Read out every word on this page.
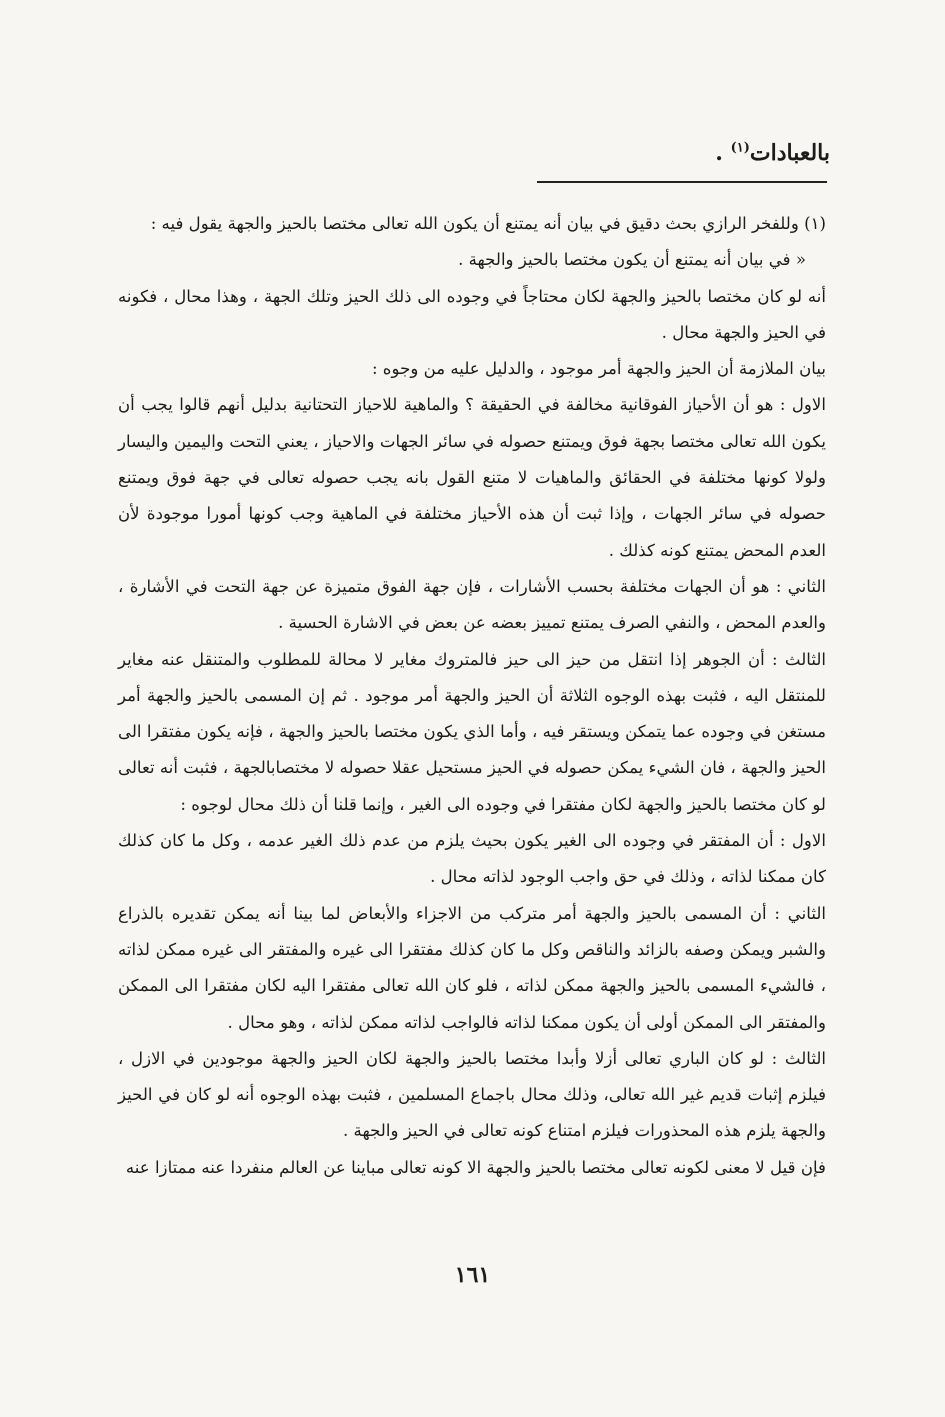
بالعبادات$^{(١)}$ .

(١) وللفخر الرازي بحث دقيق في بيان أنه يمتنع أن يكون الله تعالى مختصا بالحيز والجهة يقول فيه :

« في بيان أنه يمتنع أن يكون مختصا بالحيز والجهة .

أنه لو كان مختصا بالحيز والجهة لكان محتاجاً في وجوده الى ذلك الحيز وتلك الجهة ، وهذا محال ، فكونه في الحيز والجهة محال .

بيان الملازمة أن الحيز والجهة أمر موجود ، والدليل عليه من وجوه :

الاول : هو أن الأحياز الفوقانية مخالفة في الحقيقة ؟ والماهية للاحياز التحتانية بدليل أنهم قالوا يجب أن يكون الله تعالى مختصا بجهة فوق ويمتنع حصوله في سائر الجهات والاحياز ، يعني التحت واليمين واليسار ولولا كونها مختلفة في الحقائق والماهيات لا متنع القول بانه يجب حصوله تعالى في جهة فوق ويمتنع حصوله في سائر الجهات ، وإذا ثبت أن هذه الأحياز مختلفة في الماهية وجب كونها أمورا موجودة لأن العدم المحض يمتنع كونه كذلك .

الثاني : هو أن الجهات مختلفة بحسب الأشارات ، فإن جهة الفوق متميزة عن جهة التحت في الأشارة ، والعدم المحض ، والنفي الصرف يمتنع تمييز بعضه عن بعض في الاشارة الحسية .

الثالث : أن الجوهر إذا انتقل من حيز الى حيز فالمتروك مغاير لا محالة للمطلوب والمتنقل عنه مغاير للمنتقل اليه ، فثبت بهذه الوجوه الثلاثة أن الحيز والجهة أمر موجود . ثم إن المسمى بالحيز والجهة أمر مستغن في وجوده عما يتمكن ويستقر فيه ، وأما الذي يكون مختصا بالحيز والجهة ، فإنه يكون مفتقرا الى الحيز والجهة ، فان الشيء يمكن حصوله في الحيز مستحيل عقلا حصوله لا مختصابالجهة ، فثبت أنه تعالى لو كان مختصا بالحيز والجهة لكان مفتقرا في وجوده الى الغير ، وإنما قلنا أن ذلك محال لوجوه :

الاول : أن المفتقر في وجوده الى الغير يكون بحيث يلزم من عدم ذلك الغير عدمه ، وكل ما كان كذلك كان ممكنا لذاته ، وذلك في حق واجب الوجود لذاته محال .

الثاني : أن المسمى بالحيز والجهة أمر متركب من الاجزاء والأبعاض لما بينا أنه يمكن تقديره بالذراع والشبر ويمكن وصفه بالزائد والناقص وكل ما كان كذلك مفتقرا الى غيره والمفتقر الى غيره ممكن لذاته ، فالشيء المسمى بالحيز والجهة ممكن لذاته ، فلو كان الله تعالى مفتقرا اليه لكان مفتقرا الى الممكن والمفتقر الى الممكن أولى أن يكون ممكنا لذاته فالواجب لذاته ممكن لذاته ، وهو محال .

الثالث : لو كان الباري تعالى أزلا وأبدا مختصا بالحيز والجهة لكان الحيز والجهة موجودين في الازل ، فيلزم إثبات قديم غير الله تعالى، وذلك محال باجماع المسلمين ، فثبت بهذه الوجوه أنه لو كان في الحيز والجهة يلزم هذه المحذورات فيلزم امتناع كونه تعالى في الحيز والجهة .

فإن قيل لا معنى لكونه تعالى مختصا بالحيز والجهة الا كونه تعالى مباينا عن العالم منفردا عنه ممتازا عنه

١٦١
